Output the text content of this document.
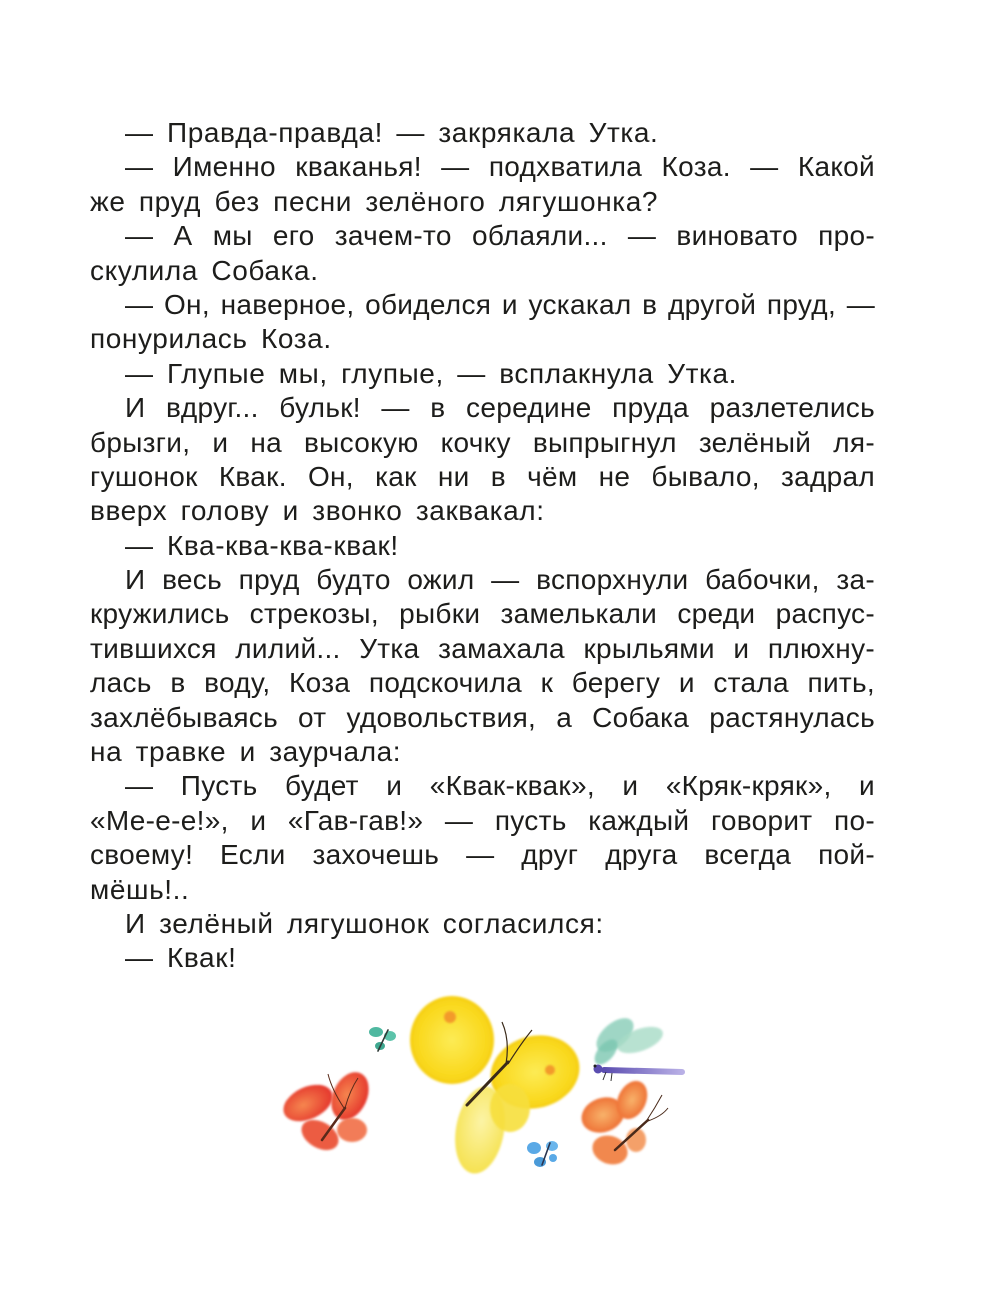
— Правда-правда! — закрякала Утка.
— Именно кваканья! — подхватила Коза. — Какой
же пруд без песни зелёного лягушонка?
— А мы его зачем-то облаяли... — виновато про-
скулила Собака.
— Он, наверное, обиделся и ускакал в другой пруд, —
понурилась Коза.
— Глупые мы, глупые, — всплакнула Утка.
И вдруг... бульк! — в середине пруда разлетелись
брызги, и на высокую кочку выпрыгнул зелёный ля-
гушонок Квак. Он, как ни в чём не бывало, задрал
вверх голову и звонко заквакал:
— Ква-ква-ква-квак!
И весь пруд будто ожил — вспорхнули бабочки, за-
кружились стрекозы, рыбки замелькали среди распус-
тившихся лилий... Утка замахала крыльями и плюхну-
лась в воду, Коза подскочила к берегу и стала пить,
захлёбываясь от удовольствия, а Собака растянулась
на травке и заурчала:
— Пусть будет и «Квак-квак», и «Кряк-кряк», и
«Ме-е-е!», и «Гав-гав!» — пусть каждый говорит по-
своему! Если захочешь — друг друга всегда пой-
мёшь!..
И зелёный лягушонок согласился:
— Квак!
